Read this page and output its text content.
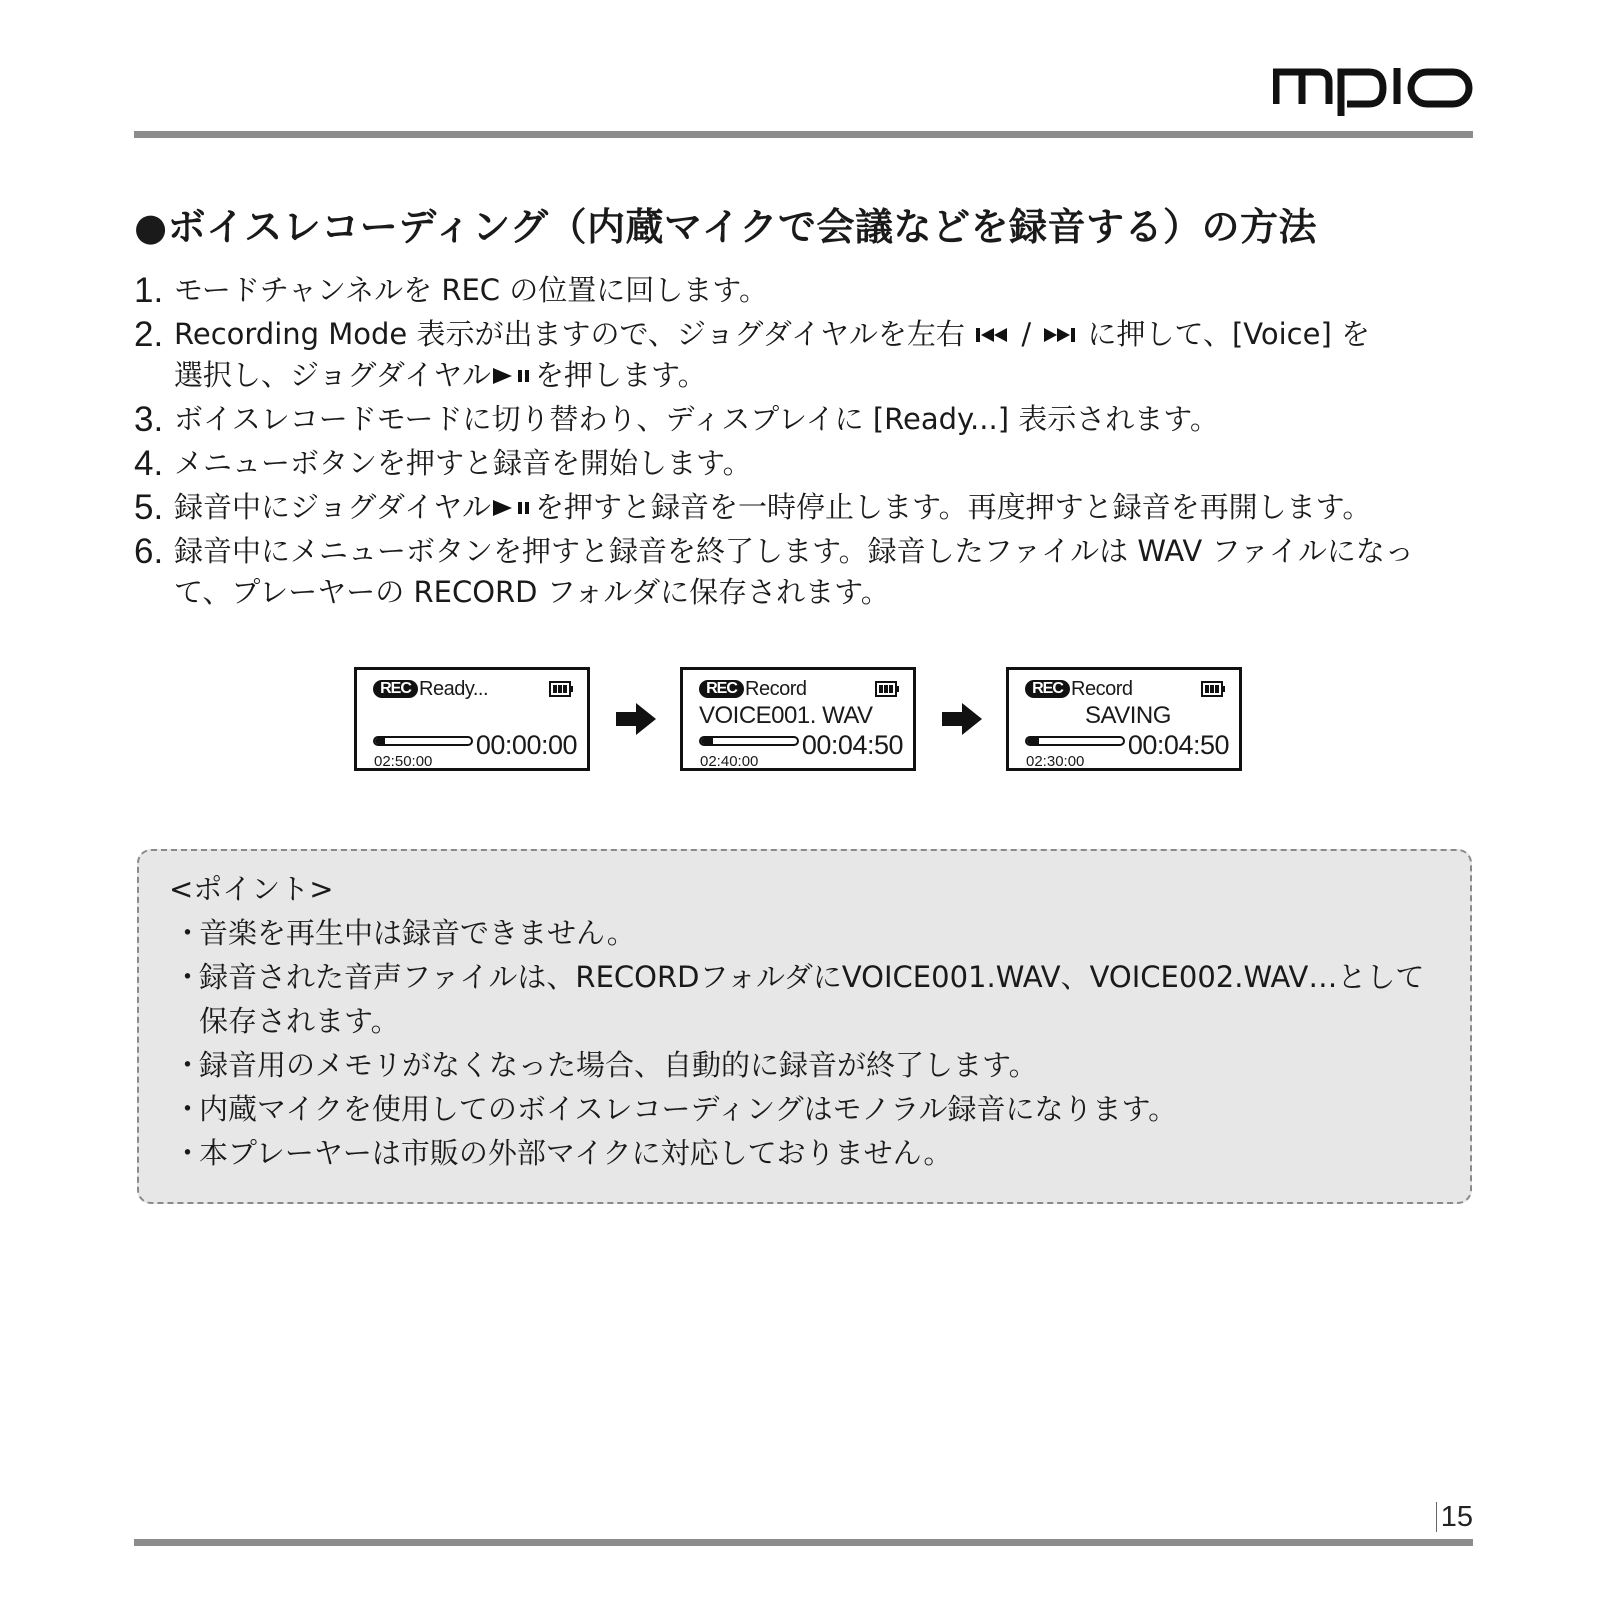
●ボイスレコーディング（内蔵マイクで会議などを録音する）の方法
1. モードチャンネルを REC の位置に回します。
2. Recording Mode 表示が出ますので、ジョグダイヤルを左右 / に押して、[Voice] を
選択し、ジョグダイヤル を押します。
3. ボイスレコードモードに切り替わり、ディスプレイに [Ready...] 表示されます。
4. メニューボタンを押すと録音を開始します。
5. 録音中にジョグダイヤル を押すと録音を一時停止します。再度押すと録音を再開します。
6. 録音中にメニューボタンを押すと録音を終了します。録音したファイルは WAV ファイルになっ
て、プレーヤーの RECORD フォルダに保存されます。
REC Ready...
00:00:00
02:50:00
REC Record
VOICE001. WAV
00:04:50
02:40:00
REC Record
SAVING
00:04:50
02:30:00
<ポイント>
・
音楽を再生中は録音できません。
・
録音された音声ファイルは、RECORDフォルダにVOICE001.WAV、VOICE002.WAV…として保存されます。
・
録音用のメモリがなくなった場合、自動的に録音が終了します。
・
内蔵マイクを使用してのボイスレコーディングはモノラル録音になります。
・
本プレーヤーは市販の外部マイクに対応しておりません。
15
